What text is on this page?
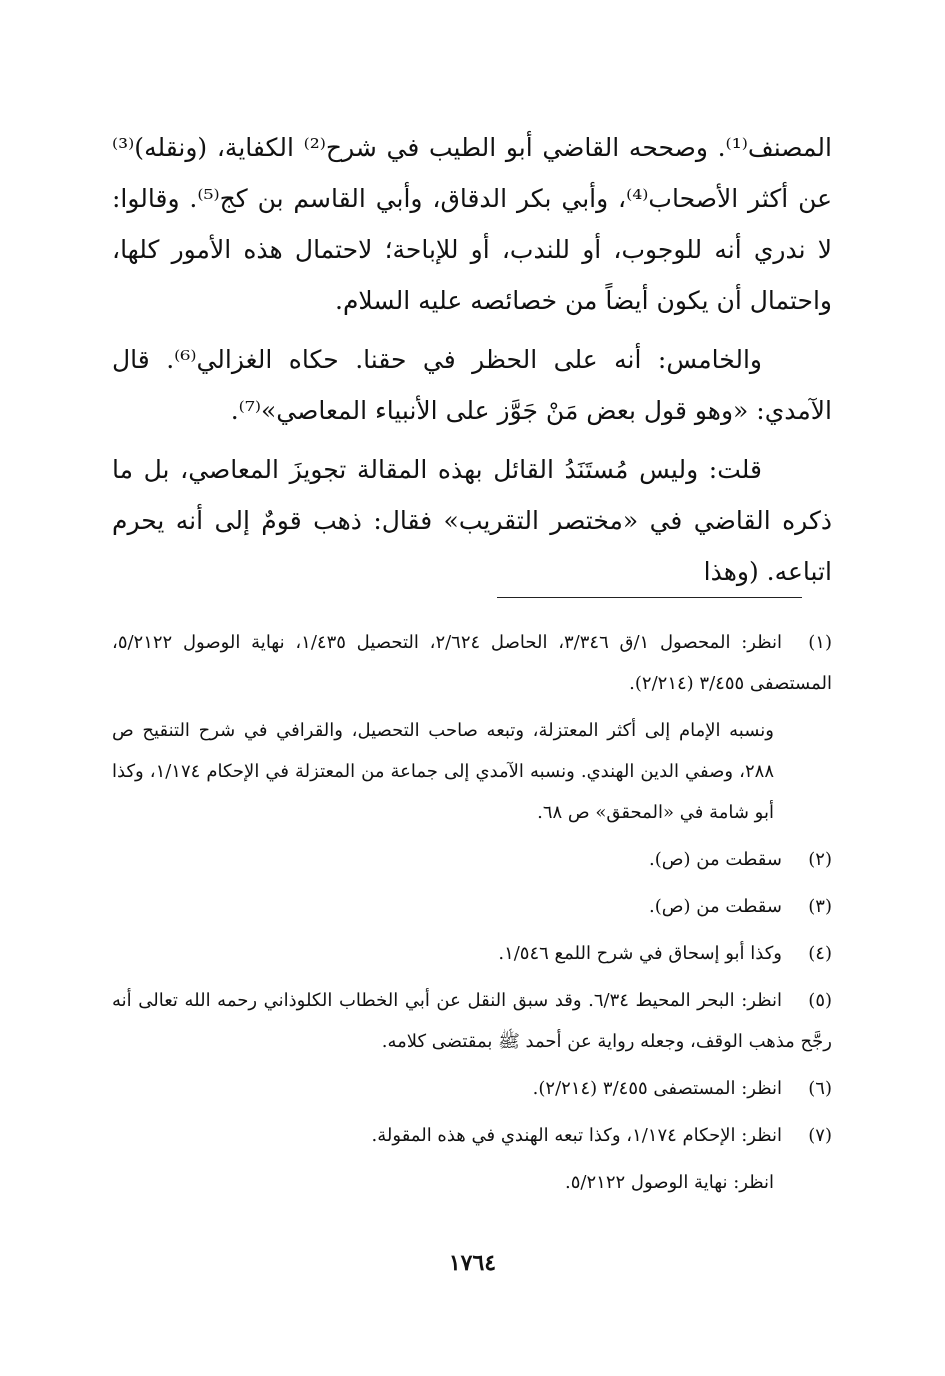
المصنف⁽¹⁾. وصححه القاضي أبو الطيب في شرح⁽²⁾ الكفاية، (ونقله)⁽³⁾ عن أكثر الأصحاب⁽⁴⁾، وأبي بكر الدقاق، وأبي القاسم بن كج⁽⁵⁾. وقالوا: لا ندري أنه للوجوب، أو للندب، أو للإباحة؛ لاحتمال هذه الأمور كلها، واحتمال أن يكون أيضاً من خصائصه عليه السلام.

والخامس: أنه على الحظر في حقنا. حكاه الغزالي⁽⁶⁾. قال الآمدي: «وهو قول بعض مَنْ جَوَّز على الأنبياء المعاصي»⁽⁷⁾.

قلت: وليس مُستَنَدُ القائل بهذه المقالة تجويزَ المعاصي، بل ما ذكره القاضي في «مختصر التقريب» فقال: ذهب قومٌ إلى أنه يحرم اتباعه. (وهذا

(١)انظر: المحصول ١/ق ٣/٣٤٦، الحاصل ٢/٦٢٤، التحصيل ١/٤٣٥، نهاية الوصول ٥/٢١٢٢، المستصفى ٣/٤٥٥ (٢/٢١٤).
ونسبه الإمام إلى أكثر المعتزلة، وتبعه صاحب التحصيل، والقرافي في شرح التنقيح ص ٢٨٨، وصفي الدين الهندي. ونسبه الآمدي إلى جماعة من المعتزلة في الإحكام ١/١٧٤، وكذا أبو شامة في «المحقق» ص ٦٨.
(٢)سقطت من (ص).
(٣)سقطت من (ص).
(٤)وكذا أبو إسحاق في شرح اللمع ١/٥٤٦.
(٥)انظر: البحر المحيط ٦/٣٤. وقد سبق النقل عن أبي الخطاب الكلوذاني رحمه الله تعالى أنه رجَّح مذهب الوقف، وجعله رواية عن أحمد ﷺ بمقتضى كلامه.
(٦)انظر: المستصفى ٣/٤٥٥ (٢/٢١٤).
(٧)انظر: الإحكام ١/١٧٤، وكذا تبعه الهندي في هذه المقولة.
انظر: نهاية الوصول ٥/٢١٢٢.
١٧٦٤
